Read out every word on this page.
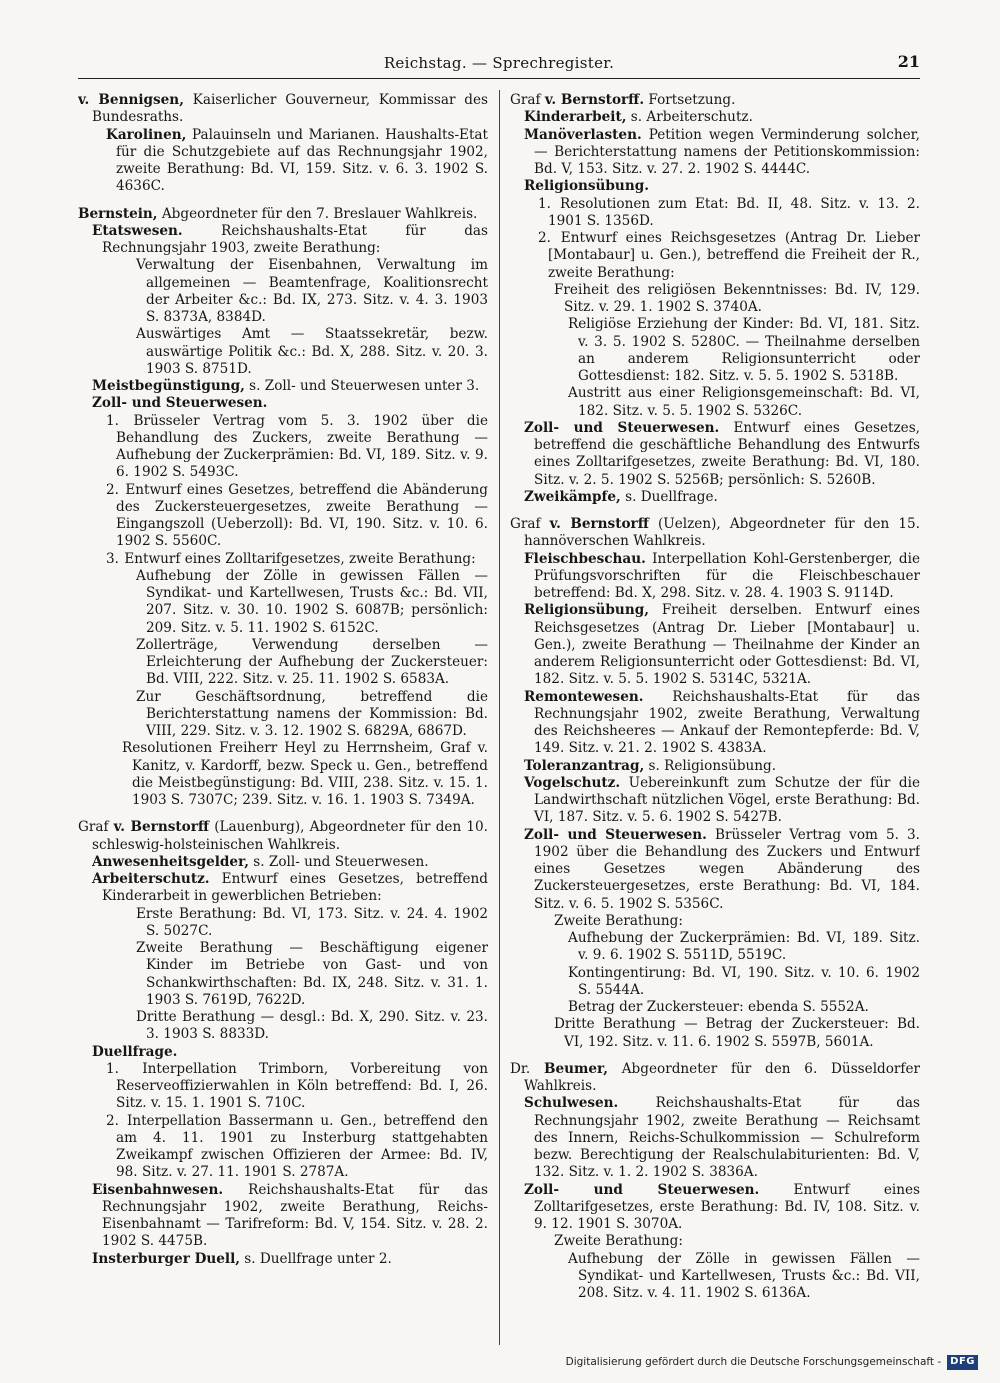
Reichstag. — Sprechregister.	21

v. Bennigsen, Kaiserlicher Gouverneur, Kommissar des Bundesraths.

Karolinen, Palauinseln und Marianen. Haushalts-Etat für die Schutzgebiete auf das Rechnungsjahr 1902, zweite Berathung: Bd. VI, 159. Sitz. v. 6. 3. 1902 S. 4636C.

Bernstein, Abgeordneter für den 7. Breslauer Wahlkreis.

Etatswesen. Reichshaushalts-Etat für das Rechnungsjahr 1903, zweite Berathung:

Verwaltung der Eisenbahnen, Verwaltung im allgemeinen — Beamtenfrage, Koalitionsrecht der Arbeiter &c.: Bd. IX, 273. Sitz. v. 4. 3. 1903 S. 8373A, 8384D.

Auswärtiges Amt — Staatssekretär, bezw. auswärtige Politik &c.: Bd. X, 288. Sitz. v. 20. 3. 1903 S. 8751D.

Meistbegünstigung, s. Zoll- und Steuerwesen unter 3.

Zoll- und Steuerwesen.

1. Brüsseler Vertrag vom 5. 3. 1902 über die Behandlung des Zuckers, zweite Berathung — Aufhebung der Zuckerprämien: Bd. VI, 189. Sitz. v. 9. 6. 1902 S. 5493C.

2. Entwurf eines Gesetzes, betreffend die Abänderung des Zuckersteuergesetzes, zweite Berathung — Eingangszoll (Ueberzoll): Bd. VI, 190. Sitz. v. 10. 6. 1902 S. 5560C.

3. Entwurf eines Zolltarifgesetzes, zweite Berathung:

Aufhebung der Zölle in gewissen Fällen — Syndikat- und Kartellwesen, Trusts &c.: Bd. VII, 207. Sitz. v. 30. 10. 1902 S. 6087B; persönlich: 209. Sitz. v. 5. 11. 1902 S. 6152C.

Zollerträge, Verwendung derselben — Erleichterung der Aufhebung der Zuckersteuer: Bd. VIII, 222. Sitz. v. 25. 11. 1902 S. 6583A.

Zur Geschäftsordnung, betreffend die Berichterstattung namens der Kommission: Bd. VIII, 229. Sitz. v. 3. 12. 1902 S. 6829A, 6867D.

Resolutionen Freiherr Heyl zu Herrnsheim, Graf v. Kanitz, v. Kardorff, bezw. Speck u. Gen., betreffend die Meistbegünstigung: Bd. VIII, 238. Sitz. v. 15. 1. 1903 S. 7307C; 239. Sitz. v. 16. 1. 1903 S. 7349A.

Graf v. Bernstorff (Lauenburg), Abgeordneter für den 10. schleswig-holsteinischen Wahlkreis.

Anwesenheitsgelder, s. Zoll- und Steuerwesen.

Arbeiterschutz. Entwurf eines Gesetzes, betreffend Kinderarbeit in gewerblichen Betrieben:

Erste Berathung: Bd. VI, 173. Sitz. v. 24. 4. 1902 S. 5027C.

Zweite Berathung — Beschäftigung eigener Kinder im Betriebe von Gast- und von Schankwirthschaften: Bd. IX, 248. Sitz. v. 31. 1. 1903 S. 7619D, 7622D.

Dritte Berathung — desgl.: Bd. X, 290. Sitz. v. 23. 3. 1903 S. 8833D.

Duellfrage.

1. Interpellation Trimborn, Vorbereitung von Reserveoffizierwahlen in Köln betreffend: Bd. I, 26. Sitz. v. 15. 1. 1901 S. 710C.

2. Interpellation Bassermann u. Gen., betreffend den am 4. 11. 1901 zu Insterburg stattgehabten Zweikampf zwischen Offizieren der Armee: Bd. IV, 98. Sitz. v. 27. 11. 1901 S. 2787A.

Eisenbahnwesen. Reichshaushalts-Etat für das Rechnungsjahr 1902, zweite Berathung, Reichs-Eisenbahnamt — Tarifreform: Bd. V, 154. Sitz. v. 28. 2. 1902 S. 4475B.

Insterburger Duell, s. Duellfrage unter 2.

Graf v. Bernstorff. Fortsetzung.

Kinderarbeit, s. Arbeiterschutz.

Manöverlasten. Petition wegen Verminderung solcher, — Berichterstattung namens der Petitionskommission: Bd. V, 153. Sitz. v. 27. 2. 1902 S. 4444C.

Religionsübung.

1. Resolutionen zum Etat: Bd. II, 48. Sitz. v. 13. 2. 1901 S. 1356D.

2. Entwurf eines Reichsgesetzes (Antrag Dr. Lieber [Montabaur] u. Gen.), betreffend die Freiheit der R., zweite Berathung:

Freiheit des religiösen Bekenntnisses: Bd. IV, 129. Sitz. v. 29. 1. 1902 S. 3740A.

Religiöse Erziehung der Kinder: Bd. VI, 181. Sitz. v. 3. 5. 1902 S. 5280C. — Theilnahme derselben an anderem Religionsunterricht oder Gottesdienst: 182. Sitz. v. 5. 5. 1902 S. 5318B.

Austritt aus einer Religionsgemeinschaft: Bd. VI, 182. Sitz. v. 5. 5. 1902 S. 5326C.

Zoll- und Steuerwesen. Entwurf eines Gesetzes, betreffend die geschäftliche Behandlung des Entwurfs eines Zolltarifgesetzes, zweite Berathung: Bd. VI, 180. Sitz. v. 2. 5. 1902 S. 5256B; persönlich: S. 5260B.

Zweikämpfe, s. Duellfrage.

Graf v. Bernstorff (Uelzen), Abgeordneter für den 15. hannöverschen Wahlkreis.

Fleischbeschau. Interpellation Kohl-Gerstenberger, die Prüfungsvorschriften für die Fleischbeschauer betreffend: Bd. X, 298. Sitz. v. 28. 4. 1903 S. 9114D.

Religionsübung, Freiheit derselben. Entwurf eines Reichsgesetzes (Antrag Dr. Lieber [Montabaur] u. Gen.), zweite Berathung — Theilnahme der Kinder an anderem Religionsunterricht oder Gottesdienst: Bd. VI, 182. Sitz. v. 5. 5. 1902 S. 5314C, 5321A.

Remontewesen. Reichshaushalts-Etat für das Rechnungsjahr 1902, zweite Berathung, Verwaltung des Reichsheeres — Ankauf der Remontepferde: Bd. V, 149. Sitz. v. 21. 2. 1902 S. 4383A.

Toleranzantrag, s. Religionsübung.

Vogelschutz. Uebereinkunft zum Schutze der für die Landwirthschaft nützlichen Vögel, erste Berathung: Bd. VI, 187. Sitz. v. 5. 6. 1902 S. 5427B.

Zoll- und Steuerwesen. Brüsseler Vertrag vom 5. 3. 1902 über die Behandlung des Zuckers und Entwurf eines Gesetzes wegen Abänderung des Zuckersteuergesetzes, erste Berathung: Bd. VI, 184. Sitz. v. 6. 5. 1902 S. 5356C.

Zweite Berathung:

Aufhebung der Zuckerprämien: Bd. VI, 189. Sitz. v. 9. 6. 1902 S. 5511D, 5519C.

Kontingentirung: Bd. VI, 190. Sitz. v. 10. 6. 1902 S. 5544A.

Betrag der Zuckersteuer: ebenda S. 5552A.

Dritte Berathung — Betrag der Zuckersteuer: Bd. VI, 192. Sitz. v. 11. 6. 1902 S. 5597B, 5601A.

Dr. Beumer, Abgeordneter für den 6. Düsseldorfer Wahlkreis.

Schulwesen. Reichshaushalts-Etat für das Rechnungsjahr 1902, zweite Berathung — Reichsamt des Innern, Reichs-Schulkommission — Schulreform bezw. Berechtigung der Realschulabiturienten: Bd. V, 132. Sitz. v. 1. 2. 1902 S. 3836A.

Zoll- und Steuerwesen. Entwurf eines Zolltarifgesetzes, erste Berathung: Bd. IV, 108. Sitz. v. 9. 12. 1901 S. 3070A.

Zweite Berathung:

Aufhebung der Zölle in gewissen Fällen — Syndikat- und Kartellwesen, Trusts &c.: Bd. VII, 208. Sitz. v. 4. 11. 1902 S. 6136A.

Digitalisierung gefördert durch die Deutsche Forschungsgemeinschaft - DFG
